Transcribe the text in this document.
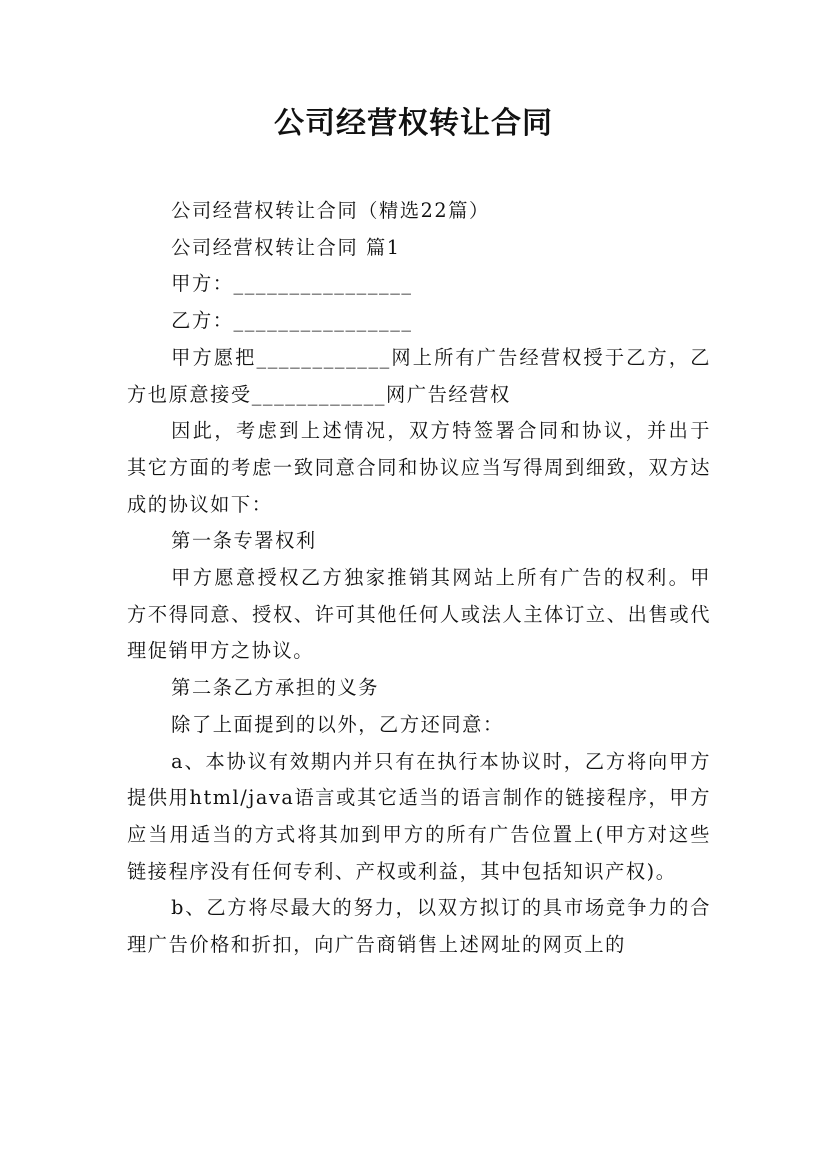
公司经营权转让合同

公司经营权转让合同（精选22篇）

公司经营权转让合同 篇1

甲方：________________

乙方：________________

甲方愿把____________网上所有广告经营权授于乙方，乙方也原意接受____________网广告经营权

因此，考虑到上述情况，双方特签署合同和协议，并出于其它方面的考虑一致同意合同和协议应当写得周到细致，双方达成的协议如下：

第一条专署权利

甲方愿意授权乙方独家推销其网站上所有广告的权利。甲方不得同意、授权、许可其他任何人或法人主体订立、出售或代理促销甲方之协议。

第二条乙方承担的义务

除了上面提到的以外，乙方还同意：

a、本协议有效期内并只有在执行本协议时，乙方将向甲方提供用html/java语言或其它适当的语言制作的链接程序，甲方应当用适当的方式将其加到甲方的所有广告位置上(甲方对这些链接程序没有任何专利、产权或利益，其中包括知识产权)。

b、乙方将尽最大的努力，以双方拟订的具市场竞争力的合理广告价格和折扣，向广告商销售上述网址的网页上的
